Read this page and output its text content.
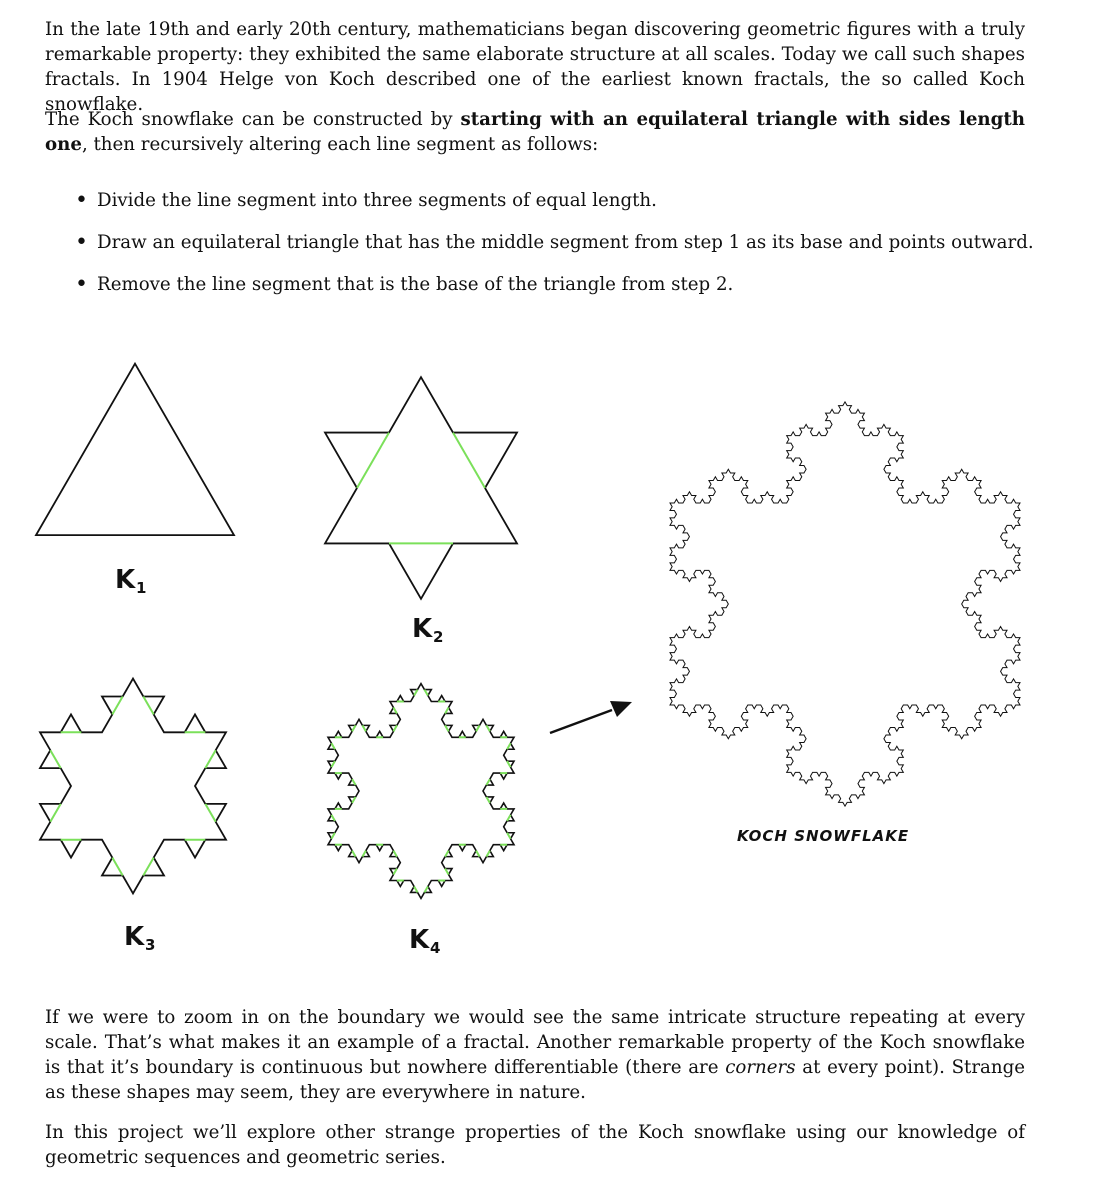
In the late 19th and early 20th century, mathematicians began discovering geometric figures with a truly remarkable property: they exhibited the same elaborate structure at all scales. Today we call such shapes fractals. In 1904 Helge von Koch described one of the earliest known fractals, the so called Koch snowflake.

The Koch snowflake can be constructed by starting with an equilateral triangle with sides length one, then recursively altering each line segment as follows:

• Divide the line segment into three segments of equal length.
• Draw an equilateral triangle that has the middle segment from step 1 as its base and points outward.
• Remove the line segment that is the base of the triangle from step 2.
K 1
K 2
K 3	K 4
KOCH SNOWFLAKE

If we were to zoom in on the boundary we would see the same intricate structure repeating at every scale. That’s what makes it an example of a fractal. Another remarkable property of the Koch snowflake is that it’s boundary is continuous but nowhere differentiable (there are corners at every point). Strange as these shapes may seem, they are everywhere in nature.

In this project we’ll explore other strange properties of the Koch snowflake using our knowledge of geometric sequences and geometric series.
